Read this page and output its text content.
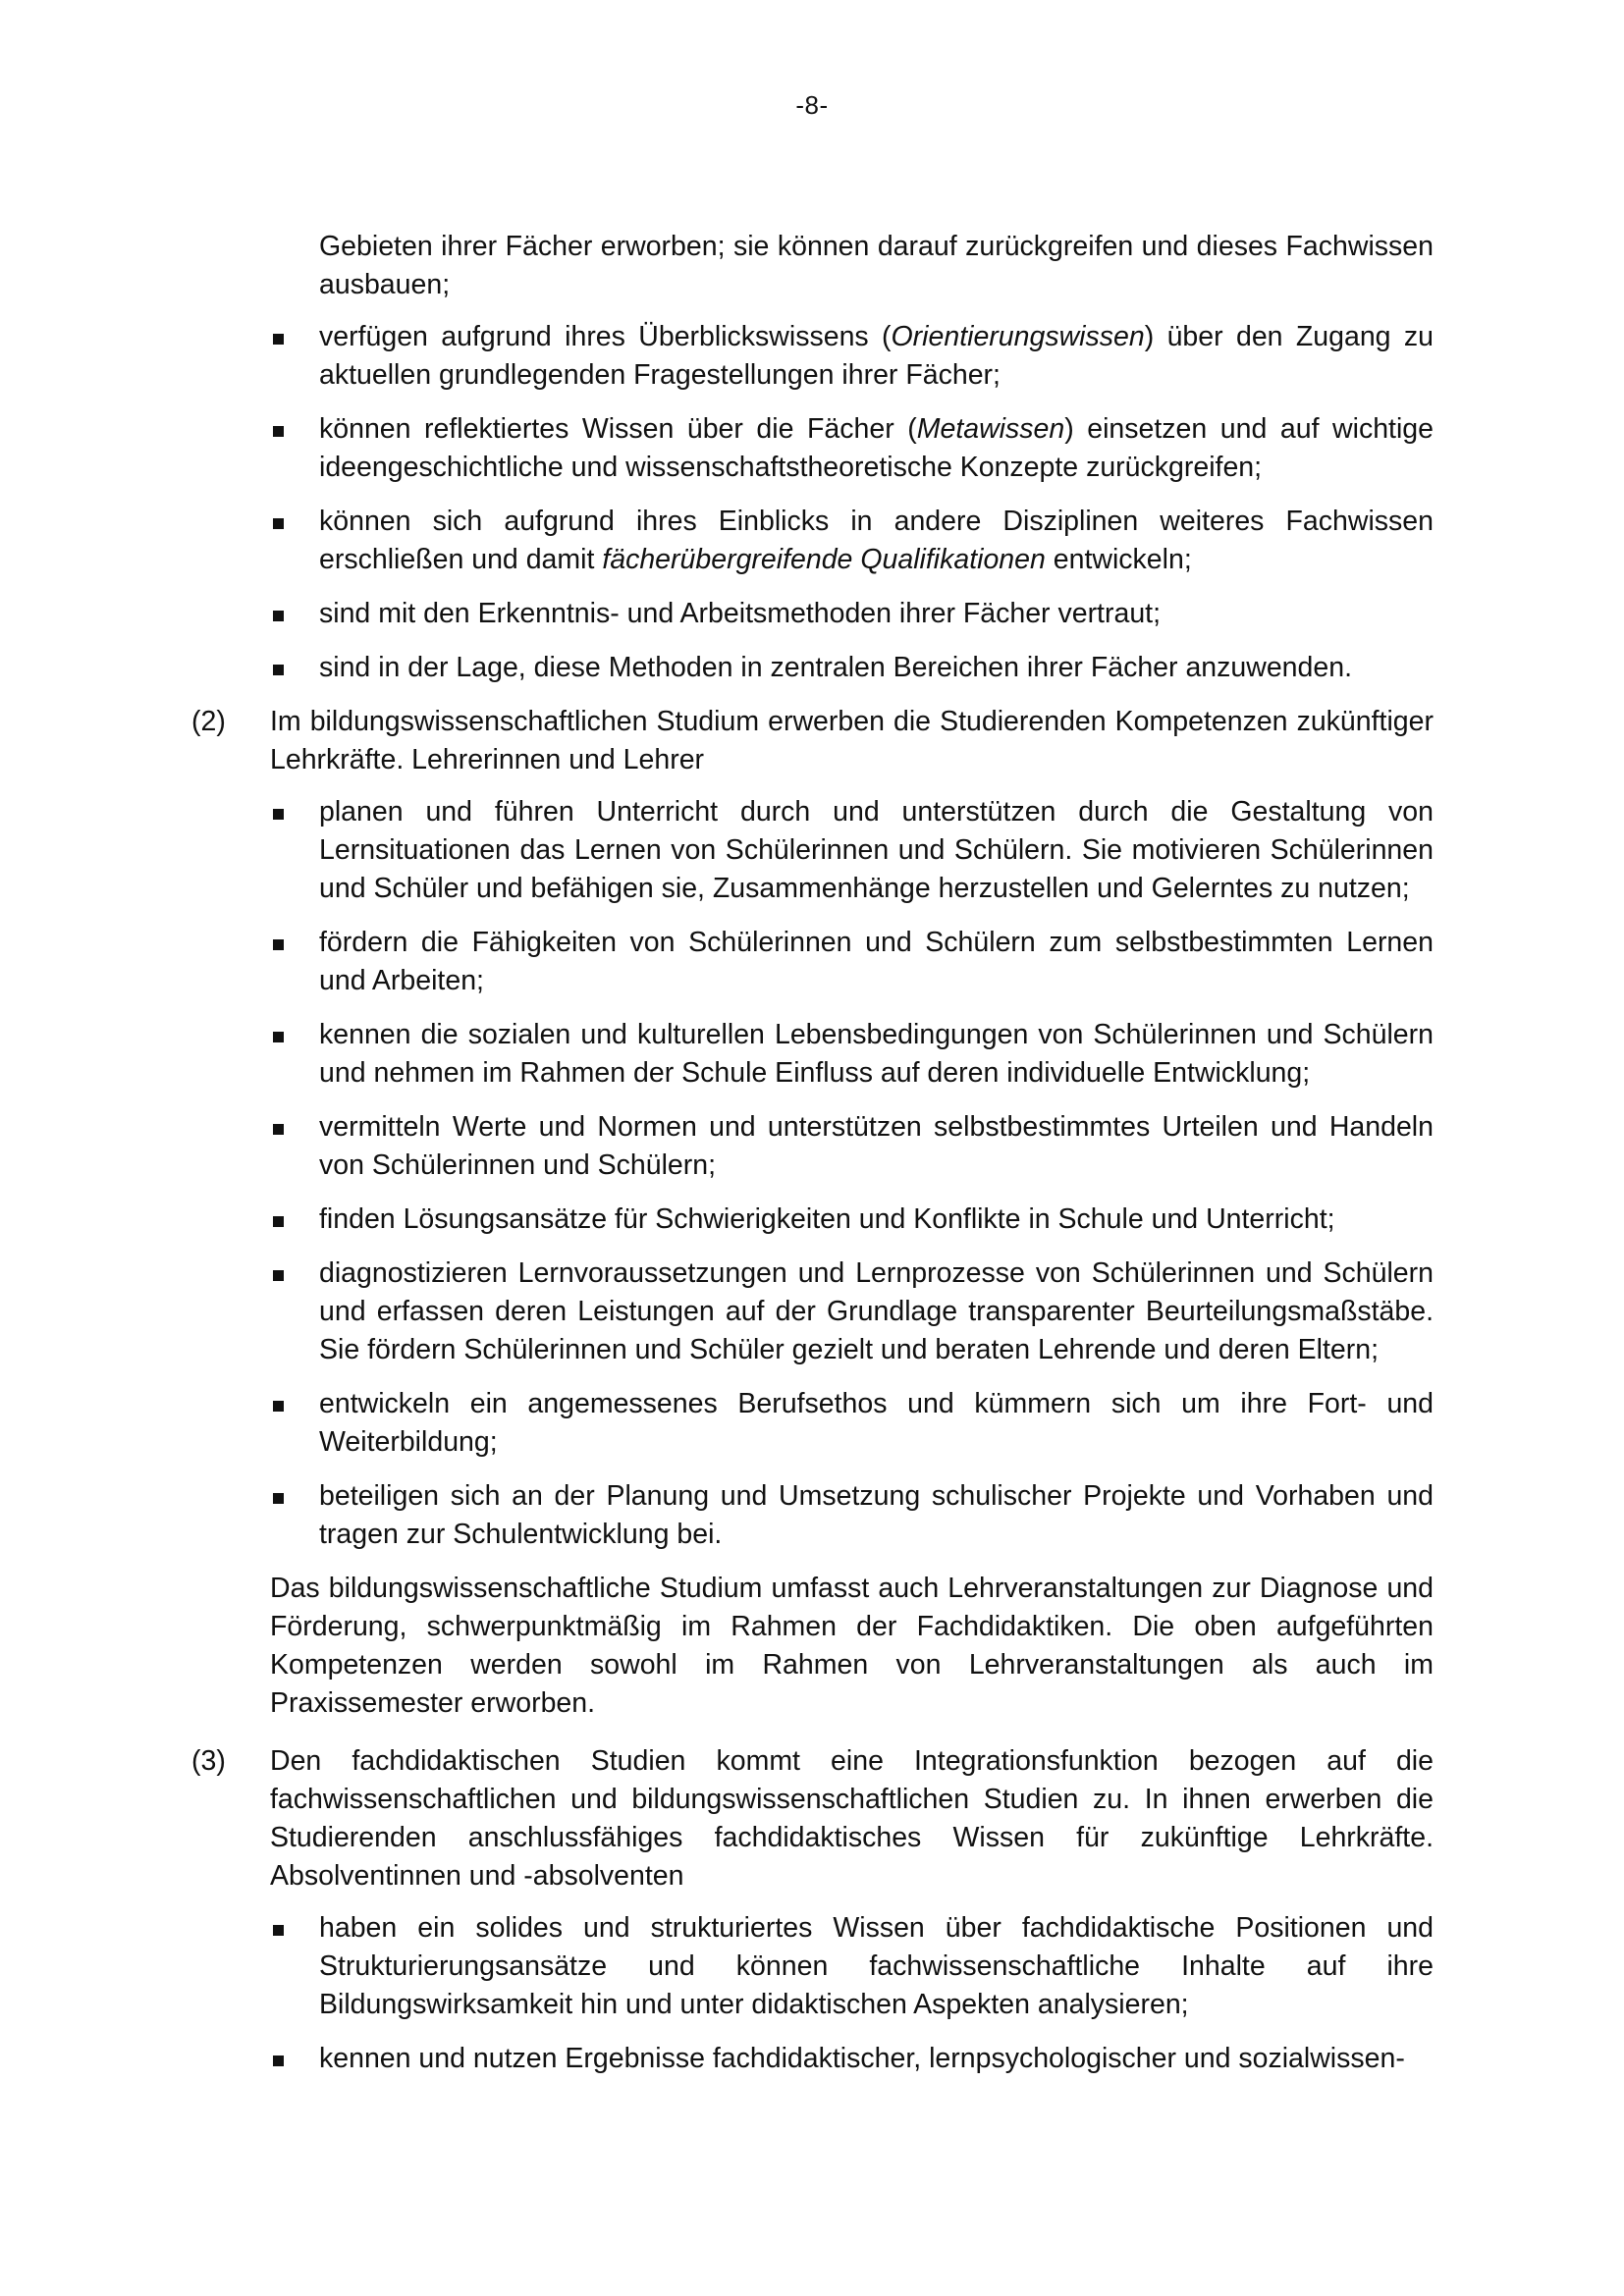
-8-

Gebieten ihrer Fächer erworben; sie können darauf zurückgreifen und dieses Fachwissen ausbauen;

verfügen aufgrund ihres Überblickswissens (Orientierungswissen) über den Zugang zu aktuellen grundlegenden Fragestellungen ihrer Fächer;
können reflektiertes Wissen über die Fächer (Metawissen) einsetzen und auf wichtige ideengeschichtliche und wissenschaftstheoretische Konzepte zurückgreifen;
können sich aufgrund ihres Einblicks in andere Disziplinen weiteres Fachwissen erschließen und damit fächerübergreifende Qualifikationen entwickeln;
sind mit den Erkenntnis- und Arbeitsmethoden ihrer Fächer vertraut;
sind in der Lage, diese Methoden in zentralen Bereichen ihrer Fächer anzuwenden.
(2) Im bildungswissenschaftlichen Studium erwerben die Studierenden Kompetenzen zukünftiger Lehrkräfte. Lehrerinnen und Lehrer

planen und führen Unterricht durch und unterstützen durch die Gestaltung von Lernsituationen das Lernen von Schülerinnen und Schülern. Sie motivieren Schülerinnen und Schüler und befähigen sie, Zusammenhänge herzustellen und Gelerntes zu nutzen;
fördern die Fähigkeiten von Schülerinnen und Schülern zum selbstbestimmten Lernen und Arbeiten;
kennen die sozialen und kulturellen Lebensbedingungen von Schülerinnen und Schülern und nehmen im Rahmen der Schule Einfluss auf deren individuelle Entwicklung;
vermitteln Werte und Normen und unterstützen selbstbestimmtes Urteilen und Handeln von Schülerinnen und Schülern;
finden Lösungsansätze für Schwierigkeiten und Konflikte in Schule und Unterricht;
diagnostizieren Lernvoraussetzungen und Lernprozesse von Schülerinnen und Schülern und erfassen deren Leistungen auf der Grundlage transparenter Beurteilungsmaßstäbe. Sie fördern Schülerinnen und Schüler gezielt und beraten Lehrende und deren Eltern;
entwickeln ein angemessenes Berufsethos und kümmern sich um ihre Fort- und Weiterbildung;
beteiligen sich an der Planung und Umsetzung schulischer Projekte und Vorhaben und tragen zur Schulentwicklung bei.

Das bildungswissenschaftliche Studium umfasst auch Lehrveranstaltungen zur Diagnose und Förderung, schwerpunktmäßig im Rahmen der Fachdidaktiken. Die oben aufgeführten Kompetenzen werden sowohl im Rahmen von Lehrveranstaltungen als auch im Praxissemester erworben.

(3) Den fachdidaktischen Studien kommt eine Integrationsfunktion bezogen auf die fachwissenschaftlichen und bildungswissenschaftlichen Studien zu. In ihnen erwerben die Studierenden anschlussfähiges fachdidaktisches Wissen für zukünftige Lehrkräfte. Absolventinnen und -absolventen

haben ein solides und strukturiertes Wissen über fachdidaktische Positionen und Strukturierungsansätze und können fachwissenschaftliche Inhalte auf ihre Bildungswirksamkeit hin und unter didaktischen Aspekten analysieren;
kennen und nutzen Ergebnisse fachdidaktischer, lernpsychologischer und sozialwissen-
